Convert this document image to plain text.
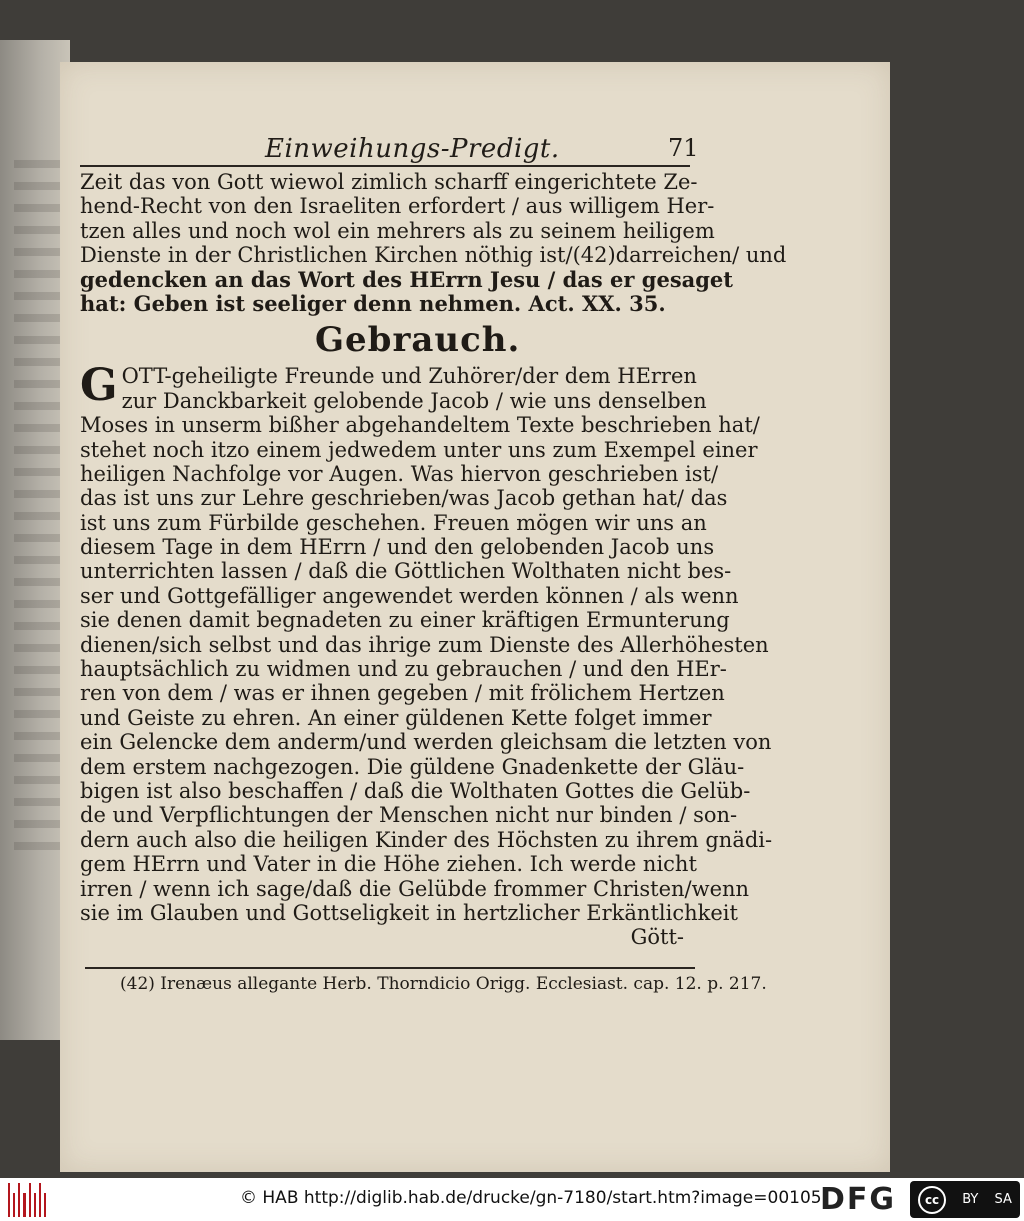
Einweihungs-Predigt.	71
Zeit das von Gott wiewol zimlich scharff eingerichtete Ze-
hend-Recht von den Israeliten erfordert / aus willigem Her-
tzen alles und noch wol ein mehrers als zu seinem heiligem
Dienste in der Christlichen Kirchen nöthig ist/(42)darreichen/ und
gedencken an das Wort des HErrn Jesu / das er gesaget
hat: Geben ist seeliger denn nehmen. Act. XX. 35.
Gebrauch.
G OTT-geheiligte Freunde und Zuhörer/der dem HErren
zur Danckbarkeit gelobende Jacob / wie uns denselben
Moses in unserm bißher abgehandeltem Texte beschrieben hat/
stehet noch itzo einem jedwedem unter uns zum Exempel einer
heiligen Nachfolge vor Augen. Was hiervon geschrieben ist/
das ist uns zur Lehre geschrieben/was Jacob gethan hat/ das
ist uns zum Fürbilde geschehen. Freuen mögen wir uns an
diesem Tage in dem HErrn / und den gelobenden Jacob uns
unterrichten lassen / daß die Göttlichen Wolthaten nicht bes-
ser und Gottgefälliger angewendet werden können / als wenn
sie denen damit begnadeten zu einer kräftigen Ermunterung
dienen/sich selbst und das ihrige zum Dienste des Allerhöhesten
hauptsächlich zu widmen und zu gebrauchen / und den HEr-
ren von dem / was er ihnen gegeben / mit frölichem Hertzen
und Geiste zu ehren. An einer güldenen Kette folget immer
ein Gelencke dem anderm/und werden gleichsam die letzten von
dem erstem nachgezogen. Die güldene Gnadenkette der Gläu-
bigen ist also beschaffen / daß die Wolthaten Gottes die Gelüb-
de und Verpflichtungen der Menschen nicht nur binden / son-
dern auch also die heiligen Kinder des Höchsten zu ihrem gnädi-
gem HErrn und Vater in die Höhe ziehen. Ich werde nicht
irren / wenn ich sage/daß die Gelübde frommer Christen/wenn
sie im Glauben und Gottseligkeit in hertzlicher Erkäntlichkeit
Gött-
(42) Irenæus allegante Herb. Thorndicio Origg. Ecclesiast. cap. 12. p. 217.
© HAB http://diglib.hab.de/drucke/gn-7180/start.htm?image=00105
DFG	cc	BY SA
